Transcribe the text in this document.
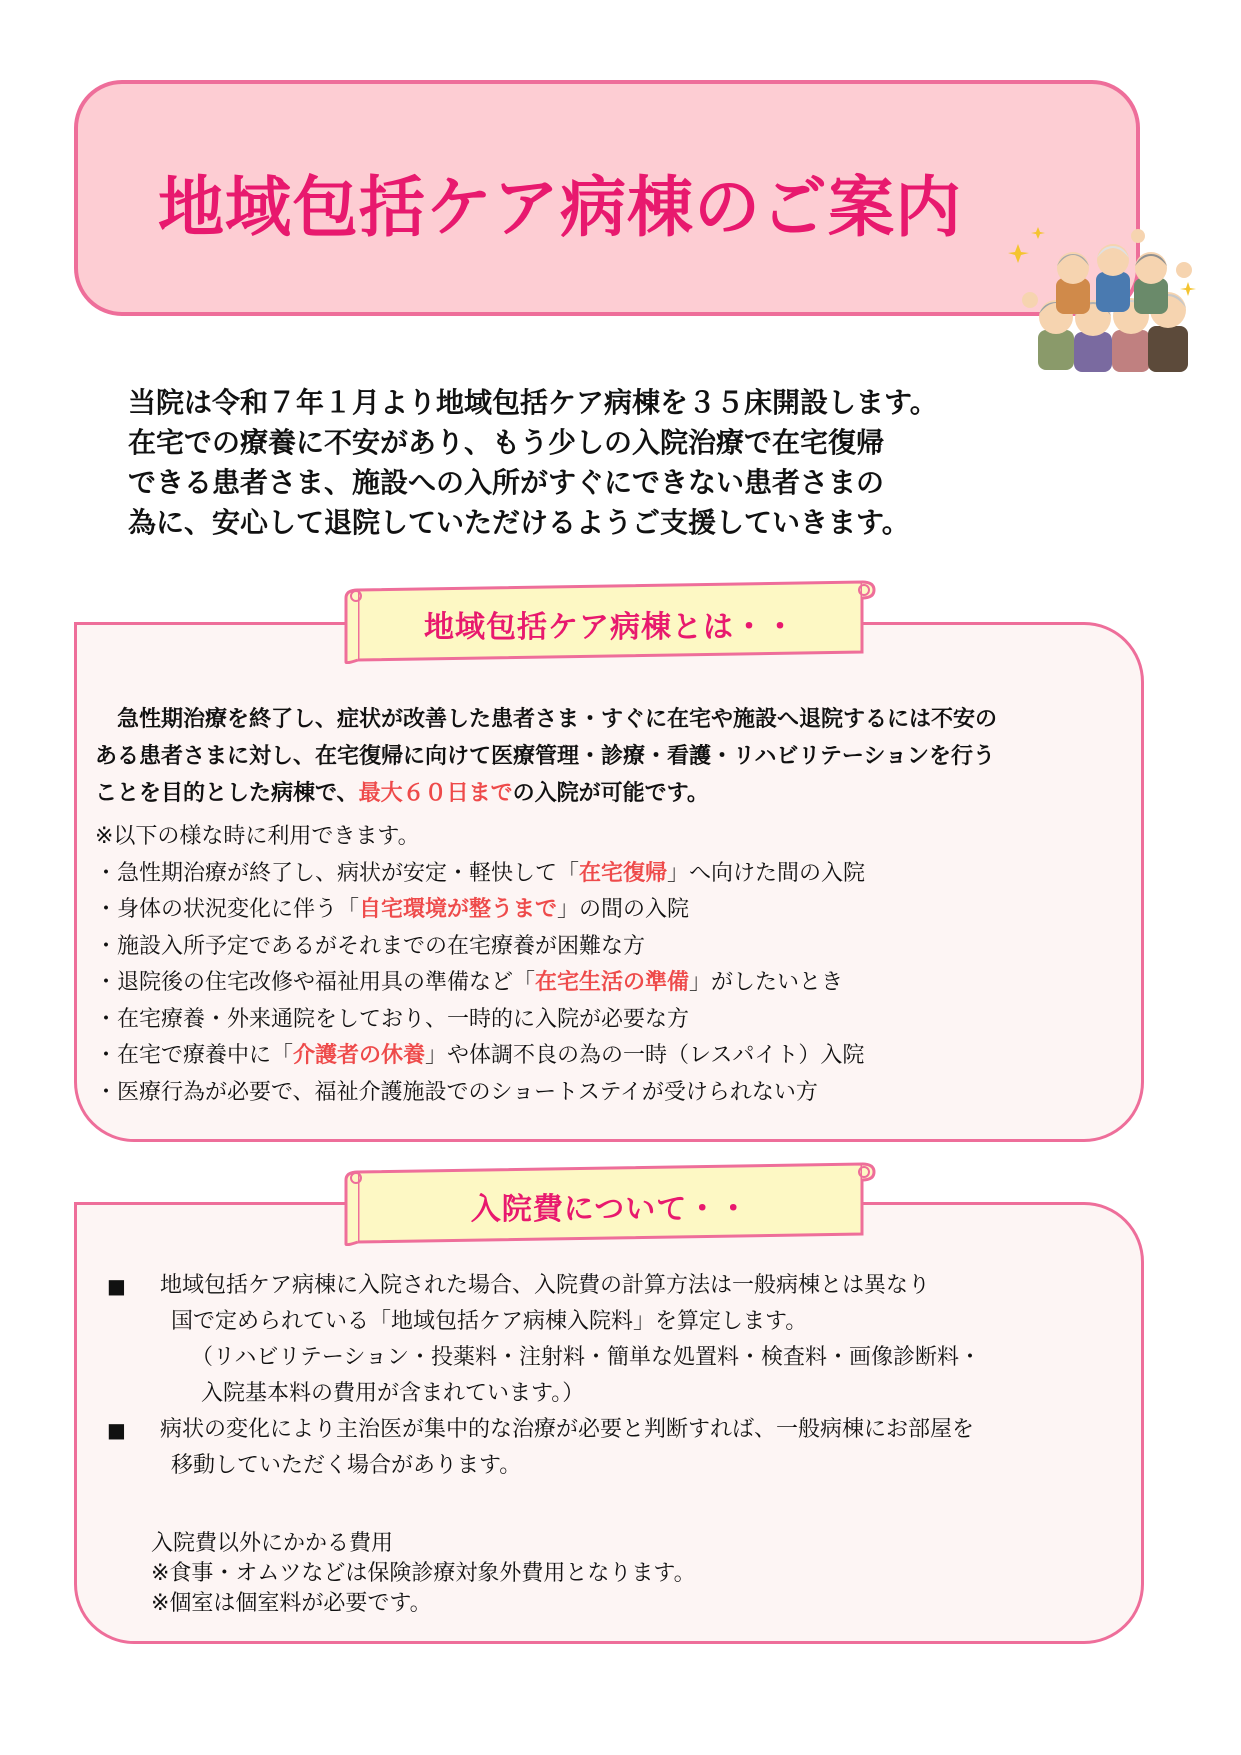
地域包括ケア病棟のご案内
当院は令和７年１月より地域包括ケア病棟を３５床開設します。
在宅での療養に不安があり、もう少しの入院治療で在宅復帰
できる患者さま、施設への入所がすぐにできない患者さまの
為に、安心して退院していただけるようご支援していきます。
　急性期治療を終了し、症状が改善した患者さま・すぐに在宅や施設へ退院するには不安の
ある患者さまに対し、在宅復帰に向けて医療管理・診療・看護・リハビリテーションを行う
ことを目的とした病棟で、最大６０日までの入院が可能です。
※以下の様な時に利用できます。
・急性期治療が終了し、病状が安定・軽快して「在宅復帰」へ向けた間の入院
・身体の状況変化に伴う「自宅環境が整うまで」の間の入院
・施設入所予定であるがそれまでの在宅療養が困難な方
・退院後の住宅改修や福祉用具の準備など「在宅生活の準備」がしたいとき
・在宅療養・外来通院をしており、一時的に入院が必要な方
・在宅で療養中に「介護者の休養」や体調不良の為の一時（レスパイト）入院
・医療行為が必要で、福祉介護施設でのショートステイが受けられない方
地域包括ケア病棟とは・・
■ 地域包括ケア病棟に入院された場合、入院費の計算方法は一般病棟とは異なり
国で定められている「地域包括ケア病棟入院料」を算定します。
（リハビリテーション・投薬料・注射料・簡単な処置料・検査料・画像診断料・
入院基本料の費用が含まれています。）
■ 病状の変化により主治医が集中的な治療が必要と判断すれば、一般病棟にお部屋を
移動していただく場合があります。
入院費以外にかかる費用
※食事・オムツなどは保険診療対象外費用となります。
※個室は個室料が必要です。
入院費について・・
